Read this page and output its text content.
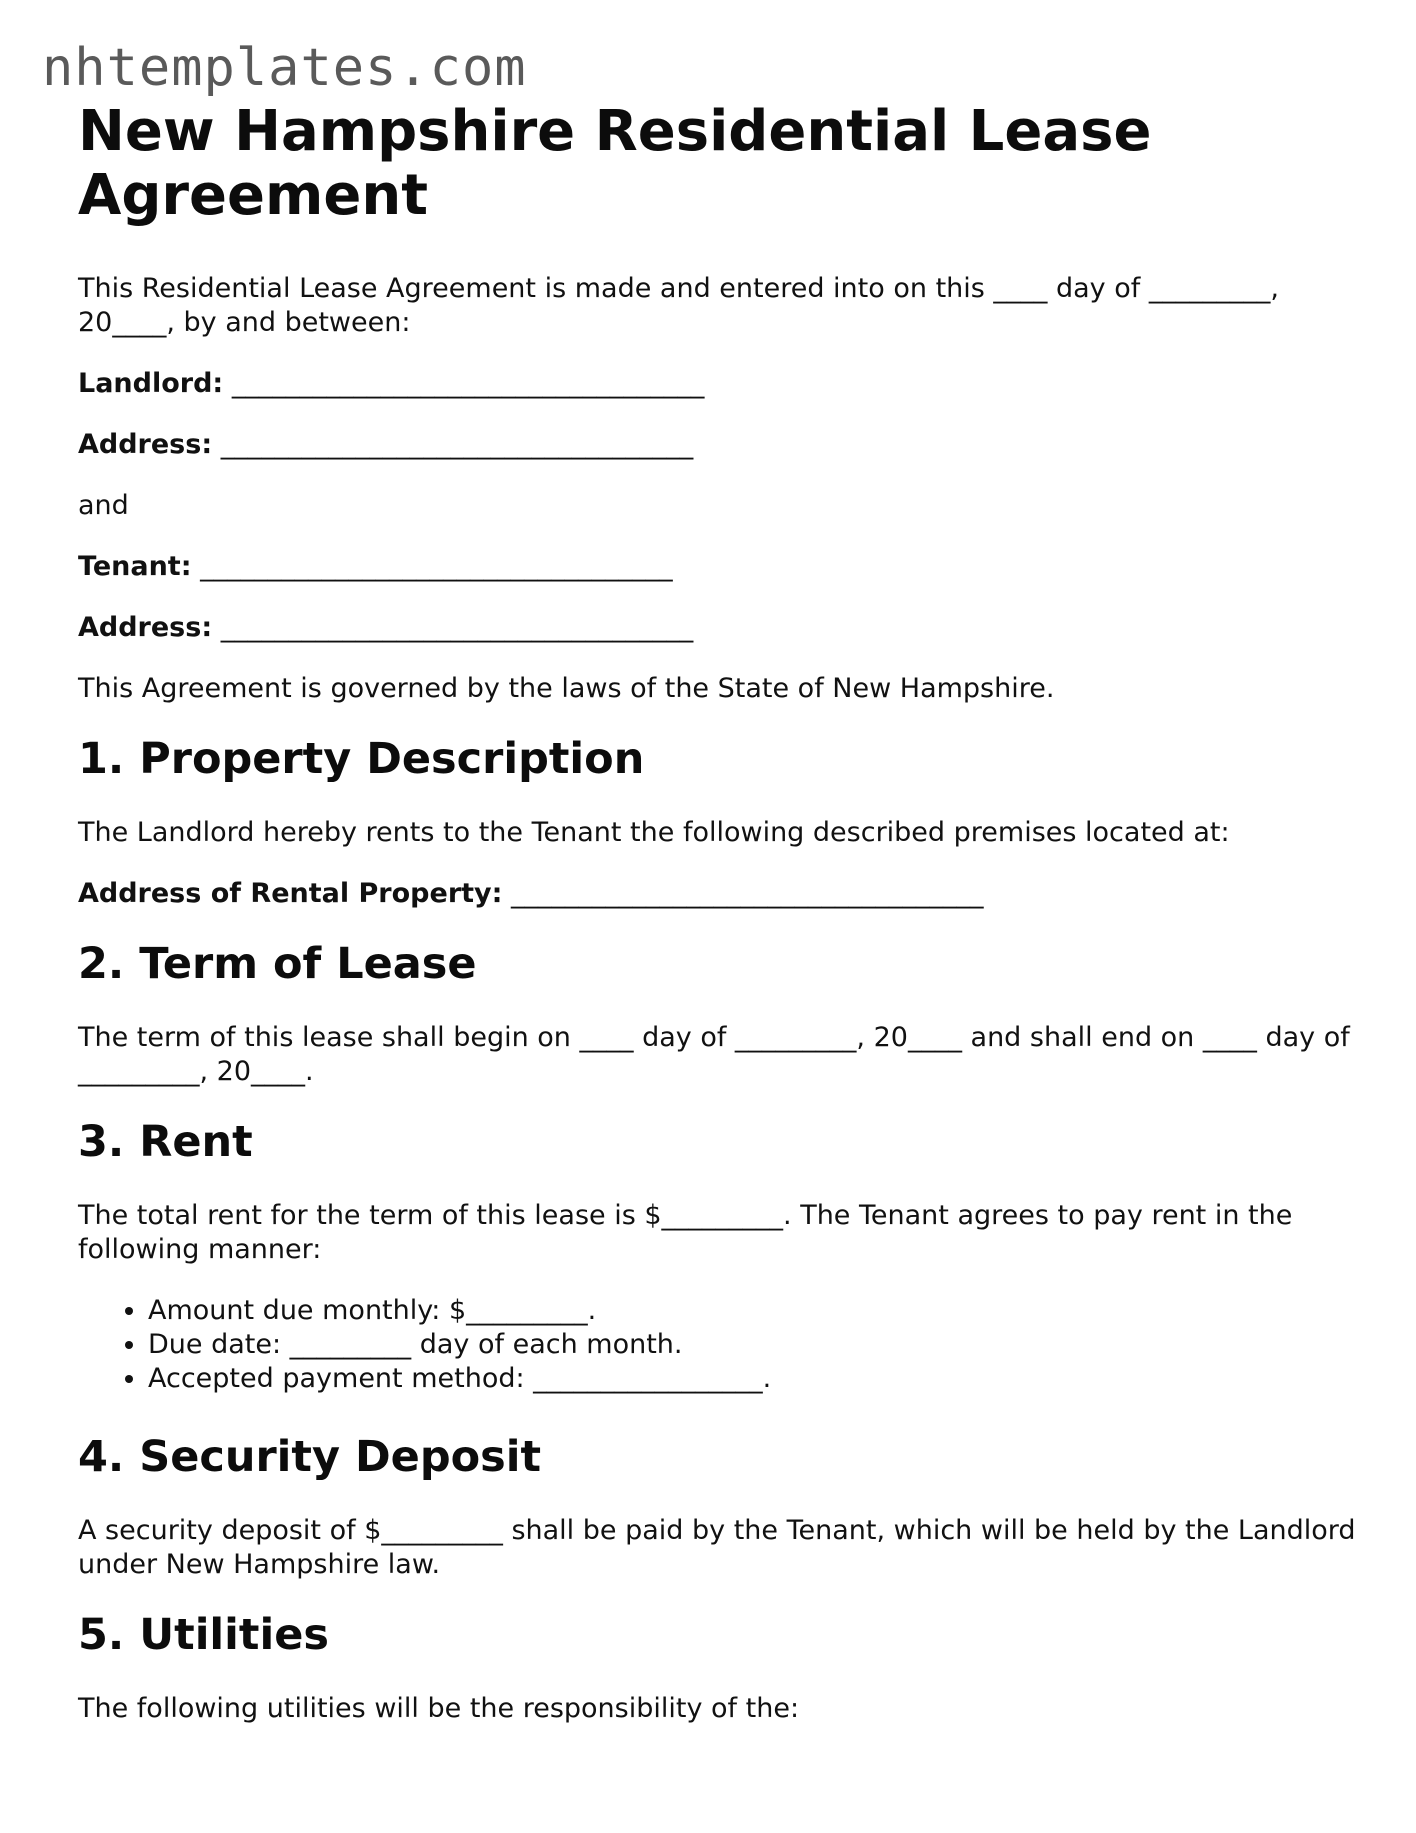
nhtemplates.com
New Hampshire Residential Lease Agreement

This Residential Lease Agreement is made and entered into on this ____ day of _________, 20____, by and between:

Landlord: ___________________________________
Address: ___________________________________

and

Tenant: ___________________________________
Address: ___________________________________

This Agreement is governed by the laws of the State of New Hampshire.

1. Property Description

The Landlord hereby rents to the Tenant the following described premises located at:

Address of Rental Property: ___________________________________
2. Term of Lease

The term of this lease shall begin on ____ day of _________, 20____ and shall end on ____ day of _________, 20____.

3. Rent

The total rent for the term of this lease is $_________. The Tenant agrees to pay rent in the following manner:

• Amount due monthly: $_________.
• Due date: _________ day of each month.
• Accepted payment method: _________________.
4. Security Deposit

A security deposit of $_________ shall be paid by the Tenant, which will be held by the Landlord under New Hampshire law.

5. Utilities

The following utilities will be the responsibility of the:
